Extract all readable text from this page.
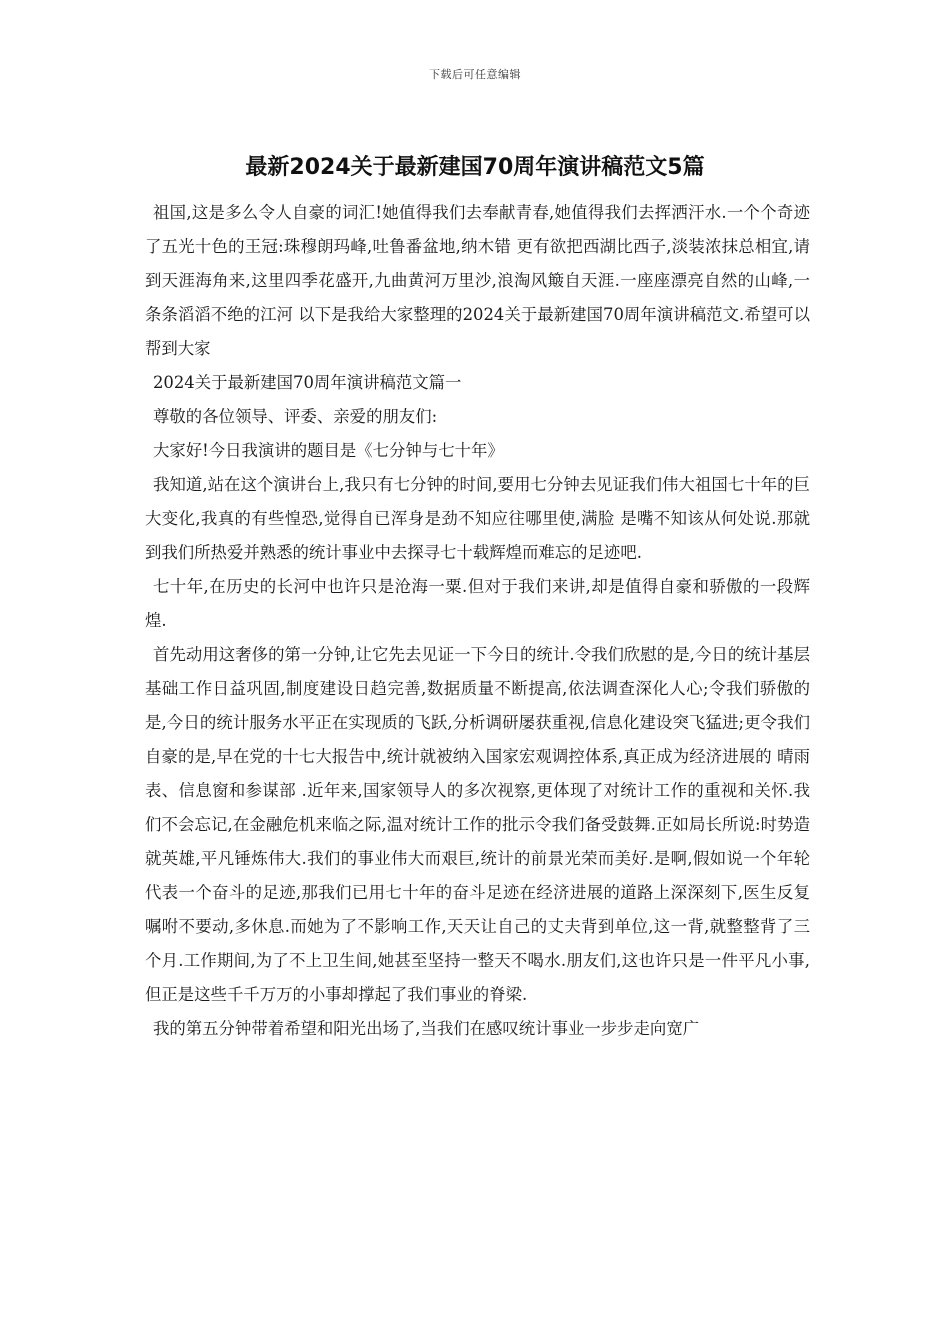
下载后可任意编辑
最新2024关于最新建国70周年演讲稿范文5篇

祖国,这是多么令人自豪的词汇!她值得我们去奉献青春,她值得我们去挥洒汗水.一个个奇迹了五光十色的王冠:珠穆朗玛峰,吐鲁番盆地,纳木错 更有欲把西湖比西子,淡装浓抹总相宜,请到天涯海角来,这里四季花盛开,九曲黄河万里沙,浪淘风簸自天涯.一座座漂亮自然的山峰,一条条滔滔不绝的江河 以下是我给大家整理的2024关于最新建国70周年演讲稿范文.希望可以帮到大家

2024关于最新建国70周年演讲稿范文篇一

尊敬的各位领导、评委、亲爱的朋友们:

大家好!今日我演讲的题目是《七分钟与七十年》

我知道,站在这个演讲台上,我只有七分钟的时间,要用七分钟去见证我们伟大祖国七十年的巨大变化,我真的有些惶恐,觉得自已浑身是劲不知应往哪里使,满脸 是嘴不知该从何处说.那就到我们所热爱并熟悉的统计事业中去探寻七十载辉煌而难忘的足迹吧.

七十年,在历史的长河中也许只是沧海一粟.但对于我们来讲,却是值得自豪和骄傲的一段辉煌.

首先动用这奢侈的第一分钟,让它先去见证一下今日的统计.令我们欣慰的是,今日的统计基层基础工作日益巩固,制度建设日趋完善,数据质量不断提高,依法调查深化人心;令我们骄傲的是,今日的统计服务水平正在实现质的飞跃,分析调研屡获重视,信息化建设突飞猛进;更令我们自豪的是,早在党的十七大报告中,统计就被纳入国家宏观调控体系,真正成为经济进展的 晴雨表、信息窗和参谋部 .近年来,国家领导人的多次视察,更体现了对统计工作的重视和关怀.我们不会忘记,在金融危机来临之际,温对统计工作的批示令我们备受鼓舞.正如局长所说:时势造就英雄,平凡锤炼伟大.我们的事业伟大而艰巨,统计的前景光荣而美好.是啊,假如说一个年轮代表一个奋斗的足迹,那我们已用七十年的奋斗足迹在经济进展的道路上深深刻下,医生反复嘱咐不要动,多休息.而她为了不影响工作,天天让自己的丈夫背到单位,这一背,就整整背了三个月.工作期间,为了不上卫生间,她甚至坚持一整天不喝水.朋友们,这也许只是一件平凡小事,但正是这些千千万万的小事却撑起了我们事业的脊梁.

我的第五分钟带着希望和阳光出场了,当我们在感叹统计事业一步步走向宽广
